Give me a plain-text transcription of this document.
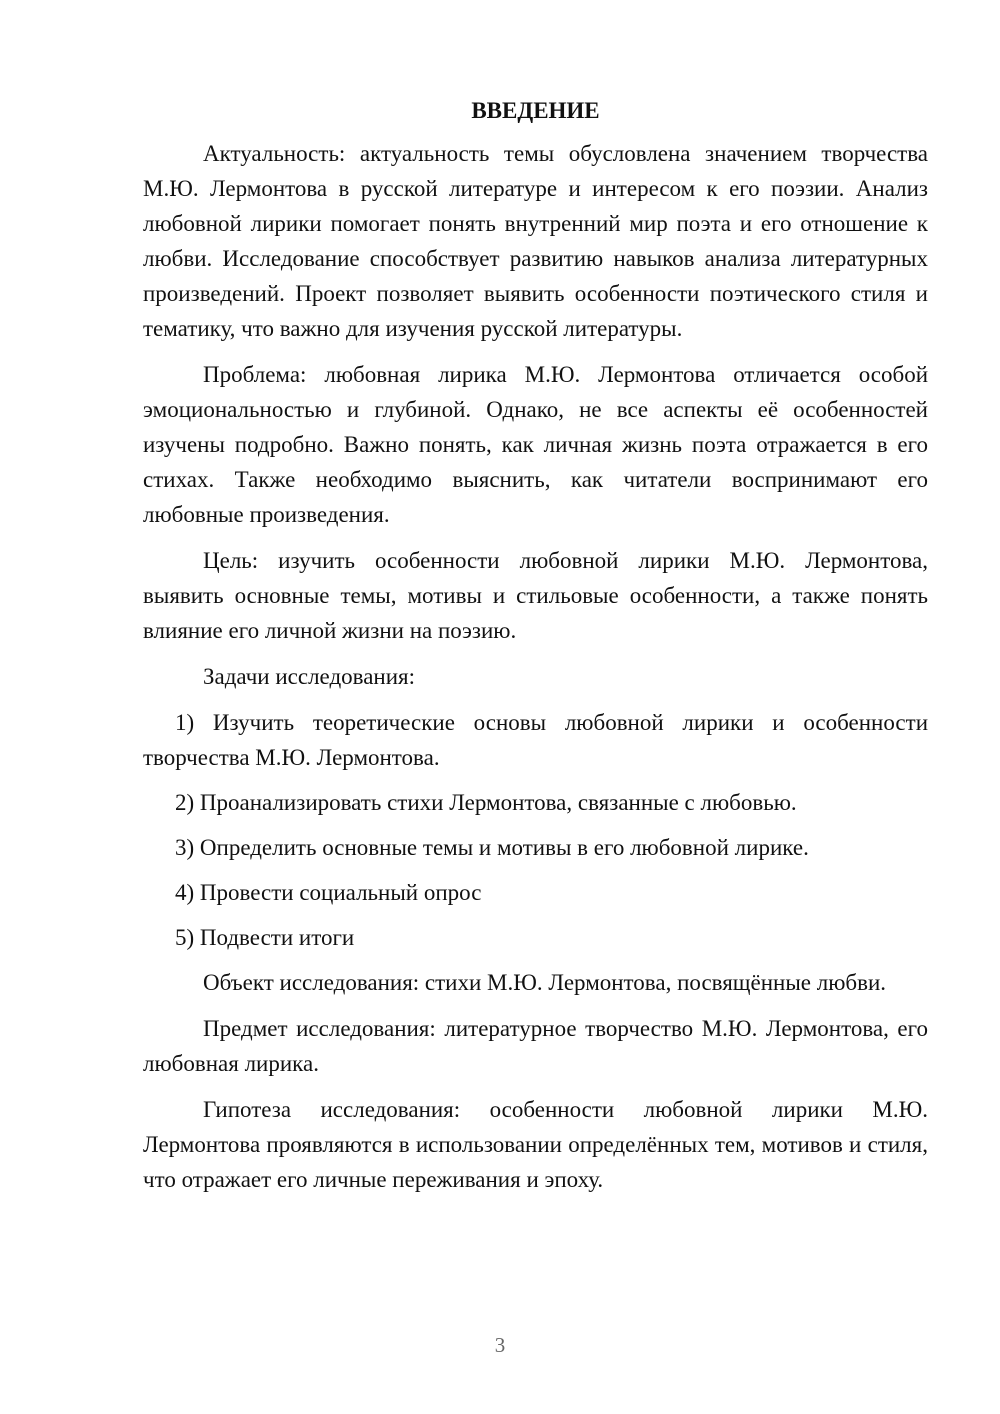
ВВЕДЕНИЕ

Актуальность: актуальность темы обусловлена значением творчества М.Ю. Лермонтова в русской литературе и интересом к его поэзии. Анализ любовной лирики помогает понять внутренний мир поэта и его отношение к любви. Исследование способствует развитию навыков анализа литературных произведений. Проект позволяет выявить особенности поэтического стиля и тематику, что важно для изучения русской литературы.

Проблема: любовная лирика М.Ю. Лермонтова отличается особой эмоциональностью и глубиной. Однако, не все аспекты её особенностей изучены подробно. Важно понять, как личная жизнь поэта отражается в его стихах. Также необходимо выяснить, как читатели воспринимают его любовные произведения.

Цель: изучить особенности любовной лирики М.Ю. Лермонтова, выявить основные темы, мотивы и стильовые особенности, а также понять влияние его личной жизни на поэзию.

Задачи исследования:

1) Изучить теоретические основы любовной лирики и особенности творчества М.Ю. Лермонтова.

2) Проанализировать стихи Лермонтова, связанные с любовью.

3) Определить основные темы и мотивы в его любовной лирике.

4) Провести социальный опрос

5) Подвести итоги

Объект исследования: стихи М.Ю. Лермонтова, посвящённые любви.

Предмет исследования: литературное творчество М.Ю. Лермонтова, его любовная лирика.

Гипотеза исследования: особенности любовной лирики М.Ю. Лермонтова проявляются в использовании определённых тем, мотивов и стиля, что отражает его личные переживания и эпоху.

3
